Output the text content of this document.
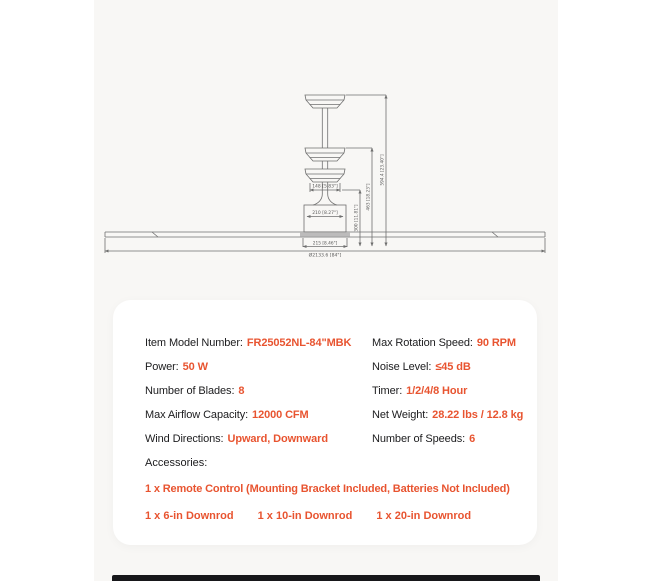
148 [5.83"]
210 [8.27"]
215 [8.46"]
Ø2133.6 [84"]
300 [11.81"]
463 [18.23"]
594.4 [23.40"]
Item Model Number: FR25052NL-84"MBK	Max Rotation Speed: 90 RPM
Power: 50 W	Noise Level: ≤45 dB
Number of Blades: 8	Timer: 1/2/4/8 Hour
Max Airflow Capacity: 12000 CFM	Net Weight: 28.22 lbs / 12.8 kg
Wind Directions: Upward, Downward	Number of Speeds: 6
Accessories:
1 x Remote Control (Mounting Bracket Included, Batteries Not Included)
1 x 6-in Downrod 1 x 10-in Downrod 1 x 20-in Downrod
